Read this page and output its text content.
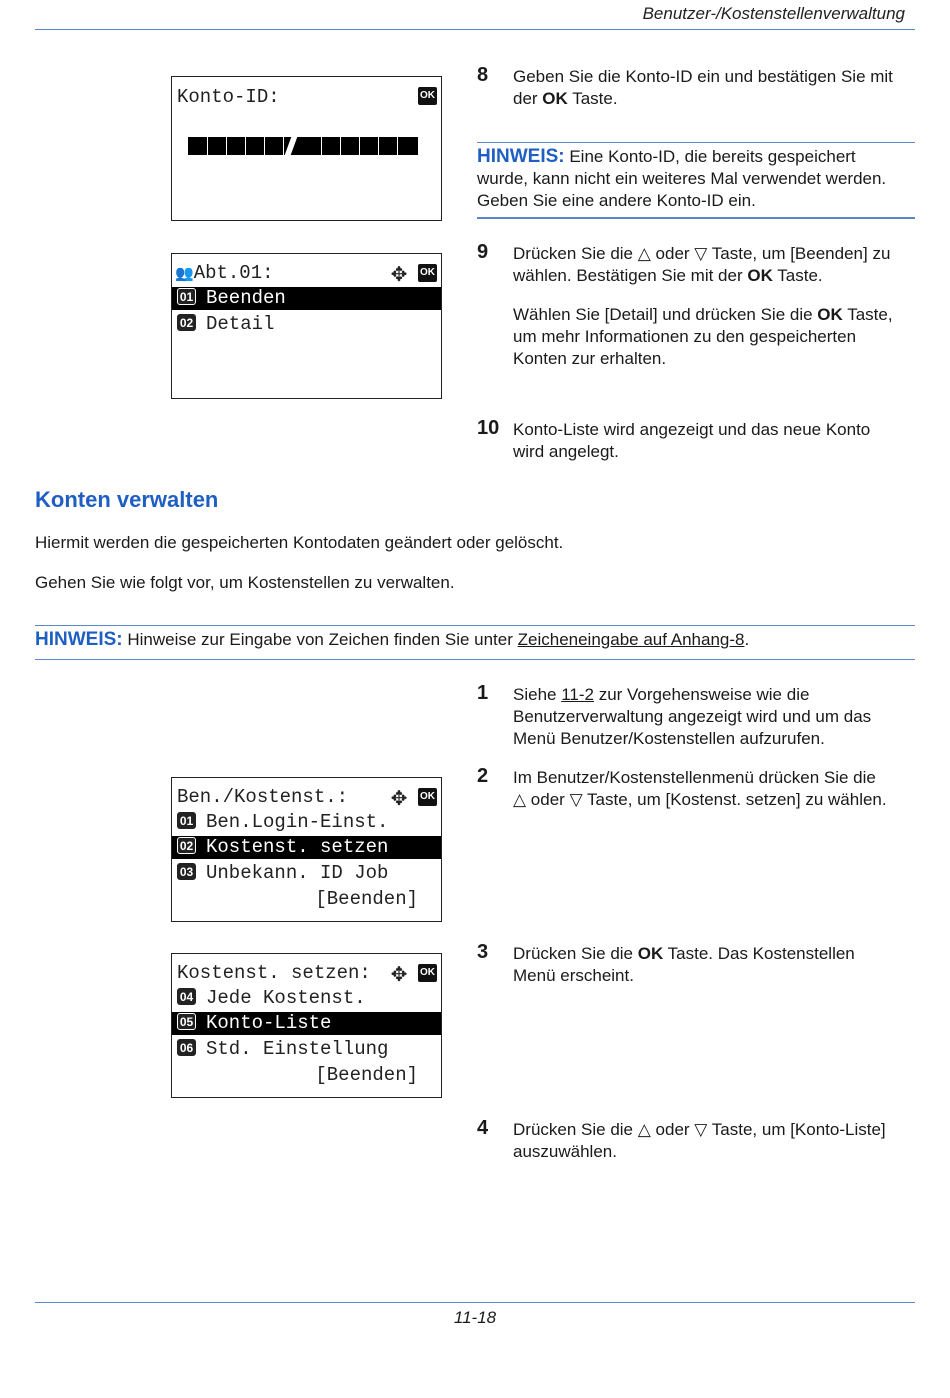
Benutzer-/Kostenstellenverwaltung
Konto-ID:	OK
8 Geben Sie die Konto-ID ein und bestätigen Sie mit
der OK Taste.
HINWEIS: Eine Konto-ID, die bereits gespeichert
wurde, kann nicht ein weiteres Mal verwendet werden.
Geben Sie eine andere Konto-ID ein.
👥Abt.01:	✥ OK
01 Beenden
02 Detail
9 Drücken Sie die △ oder ▽ Taste, um [Beenden] zu
wählen. Bestätigen Sie mit der OK Taste.
Wählen Sie [Detail] und drücken Sie die OK Taste,
um mehr Informationen zu den gespeicherten
Konten zur erhalten.
10 Konto-Liste wird angezeigt und das neue Konto
wird angelegt.
Konten verwalten
Hiermit werden die gespeicherten Kontodaten geändert oder gelöscht.
Gehen Sie wie folgt vor, um Kostenstellen zu verwalten.
HINWEIS: Hinweise zur Eingabe von Zeichen finden Sie unter Zeicheneingabe auf Anhang-8.
1 Siehe 11-2 zur Vorgehensweise wie die
Benutzerverwaltung angezeigt wird und um das
Menü Benutzer/Kostenstellen aufzurufen.
Ben./Kostenst.:	✥ OK
01 Ben.Login-Einst.
02 Kostenst. setzen
03 Unbekann. ID Job
[Beenden]
2 Im Benutzer/Kostenstellenmenü drücken Sie die
△ oder ▽ Taste, um [Kostenst. setzen] zu wählen.
Kostenst. setzen: ✥ OK
04 Jede Kostenst.
05 Konto-Liste
06 Std. Einstellung
[Beenden]
3 Drücken Sie die OK Taste. Das Kostenstellen
Menü erscheint.
4 Drücken Sie die △ oder ▽ Taste, um [Konto-Liste]
auszuwählen.
11-18
